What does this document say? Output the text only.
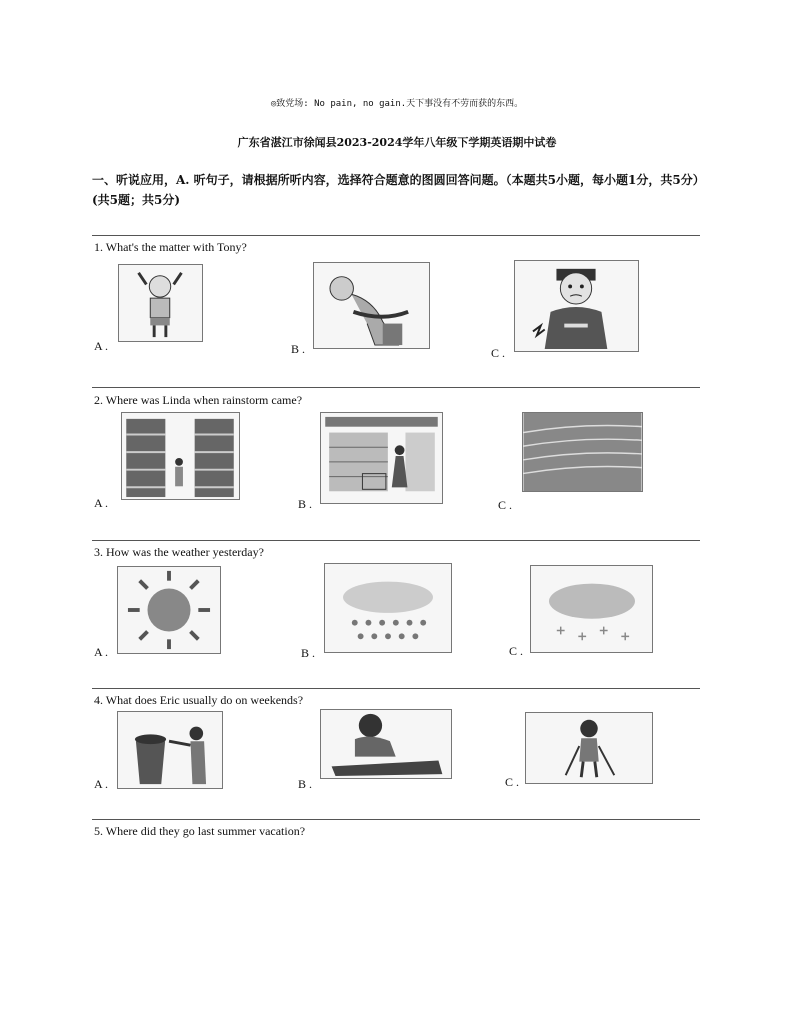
◎致党场: No pain, no gain.天下事没有不劳而获的东西。
广东省湛江市徐闻县2023-2024学年八年级下学期英语期中试卷
一、听说应用，A. 听句子，请根据所听内容，选择符合题意的图圆回答问题。（本题共5小题，每小题1分，共5分）(共5题；共5分)
1. What's the matter with Tony?
A .	B .	C .
2. Where was Linda when rainstorm came?
A .	B .	C .
3. How was the weather yesterday?
A .	B .	C .
4. What does Eric usually do on weekends?
A .	B .	C .
5. Where did they go last summer vacation?
